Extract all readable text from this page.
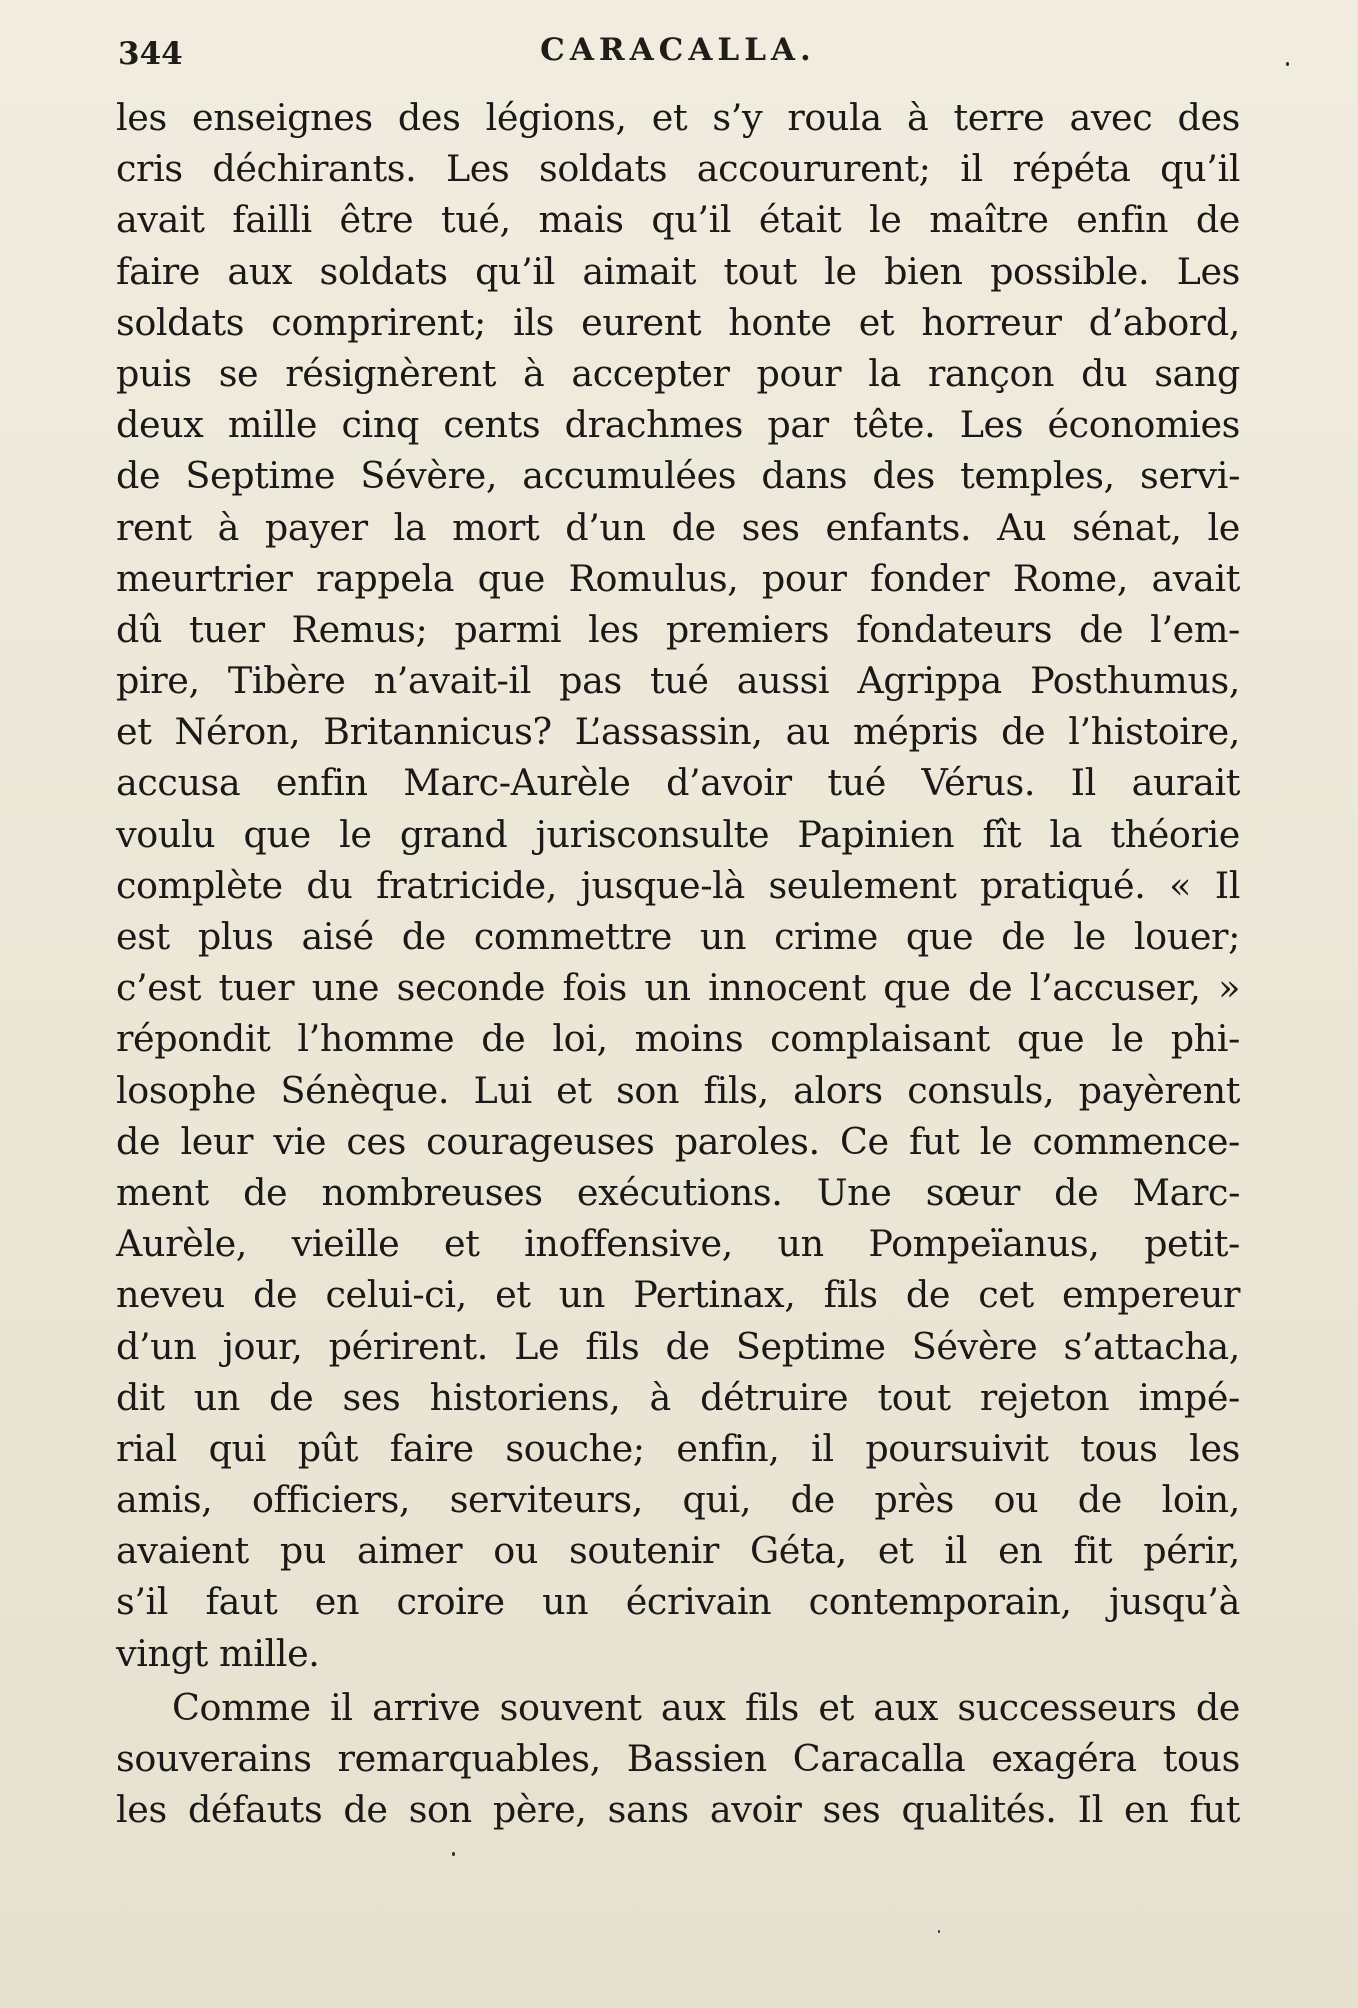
344	CARACALLA.
les enseignes des légions, et s’y roula à terre avec des
cris déchirants. Les soldats accoururent; il répéta qu’il
avait failli être tué, mais qu’il était le maître enfin de
faire aux soldats qu’il aimait tout le bien possible. Les
soldats comprirent; ils eurent honte et horreur d’abord,
puis se résignèrent à accepter pour la rançon du sang
deux mille cinq cents drachmes par tête. Les économies
de Septime Sévère, accumulées dans des temples, servi-
rent à payer la mort d’un de ses enfants. Au sénat, le
meurtrier rappela que Romulus, pour fonder Rome, avait
dû tuer Remus; parmi les premiers fondateurs de l’em-
pire, Tibère n’avait-il pas tué aussi Agrippa Posthumus,
et Néron, Britannicus? L’assassin, au mépris de l’histoire,
accusa enfin Marc-Aurèle d’avoir tué Vérus. Il aurait
voulu que le grand jurisconsulte Papinien fît la théorie
complète du fratricide, jusque-là seulement pratiqué. « Il
est plus aisé de commettre un crime que de le louer;
c’est tuer une seconde fois un innocent que de l’accuser, »
répondit l’homme de loi, moins complaisant que le phi-
losophe Sénèque. Lui et son fils, alors consuls, payèrent
de leur vie ces courageuses paroles. Ce fut le commence-
ment de nombreuses exécutions. Une sœur de Marc-
Aurèle, vieille et inoffensive, un Pompeïanus, petit-
neveu de celui-ci, et un Pertinax, fils de cet empereur
d’un jour, périrent. Le fils de Septime Sévère s’attacha,
dit un de ses historiens, à détruire tout rejeton impé-
rial qui pût faire souche; enfin, il poursuivit tous les
amis, officiers, serviteurs, qui, de près ou de loin,
avaient pu aimer ou soutenir Géta, et il en fit périr,
s’il faut en croire un écrivain contemporain, jusqu’à
vingt mille.
Comme il arrive souvent aux fils et aux successeurs de
souverains remarquables, Bassien Caracalla exagéra tous
les défauts de son père, sans avoir ses qualités. Il en fut
